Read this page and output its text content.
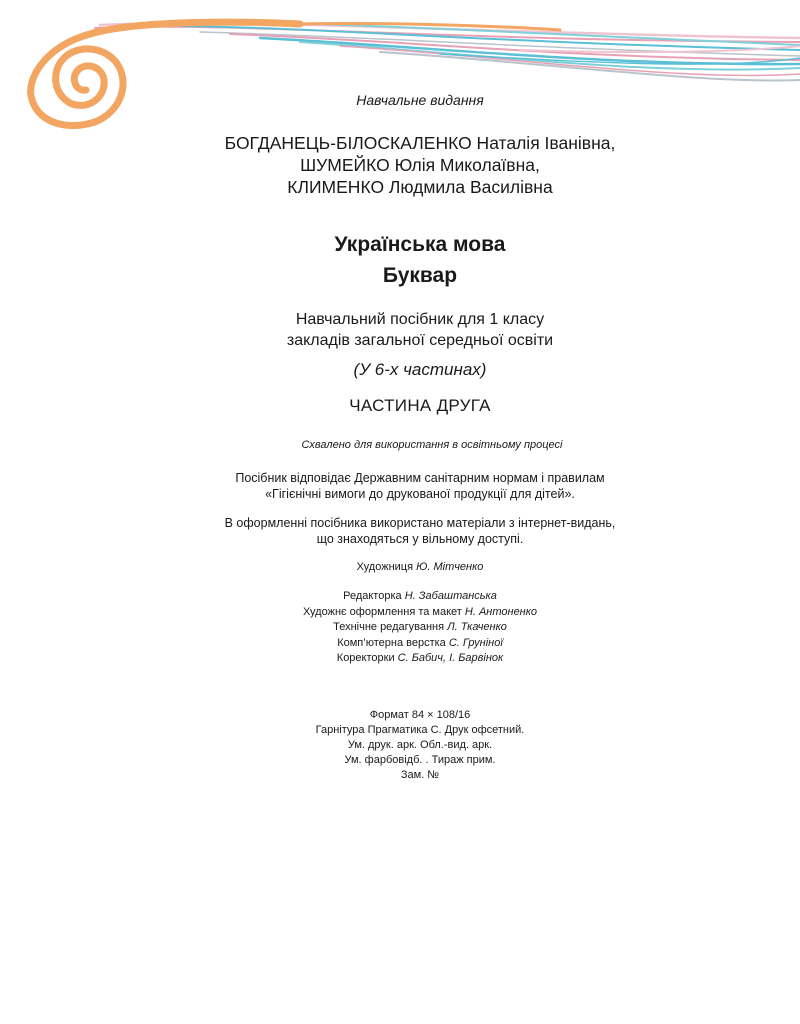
Навчальне видання

БОГДАНЕЦЬ-БІЛОСКАЛЕНКО Наталія Іванівна,
ШУМЕЙКО Юлія Миколаївна,
КЛИМЕНКО Людмила Василівна
Українська мова
Буквар
Навчальний посібник для 1 класу
закладів загальної середньої освіти

(У 6-х частинах)

ЧАСТИНА ДРУГА

Схвалено для використання в освітньому процесі

Посібник відповідає Державним санітарним нормам і правилам
«Гігієнічні вимоги до друкованої продукції для дітей».
В оформленні посібника використано матеріали з інтернет-видань,
що знаходяться у вільному доступі.

Художниця Ю. Мітченко

Редакторка Н. Забаштанська
Художнє оформлення та макет Н. Антоненко
Технічне редагування Л. Ткаченко
Комп’ютерна верстка С. Груніної
Коректорки С. Бабич, І. Барвінок
Формат 84 × 108/16
Гарнітура Прагматика С. Друк офсетний.
Ум. друк. арк. Обл.-вид. арк.
Ум. фарбовідб. . Тираж прим.
Зам. №
